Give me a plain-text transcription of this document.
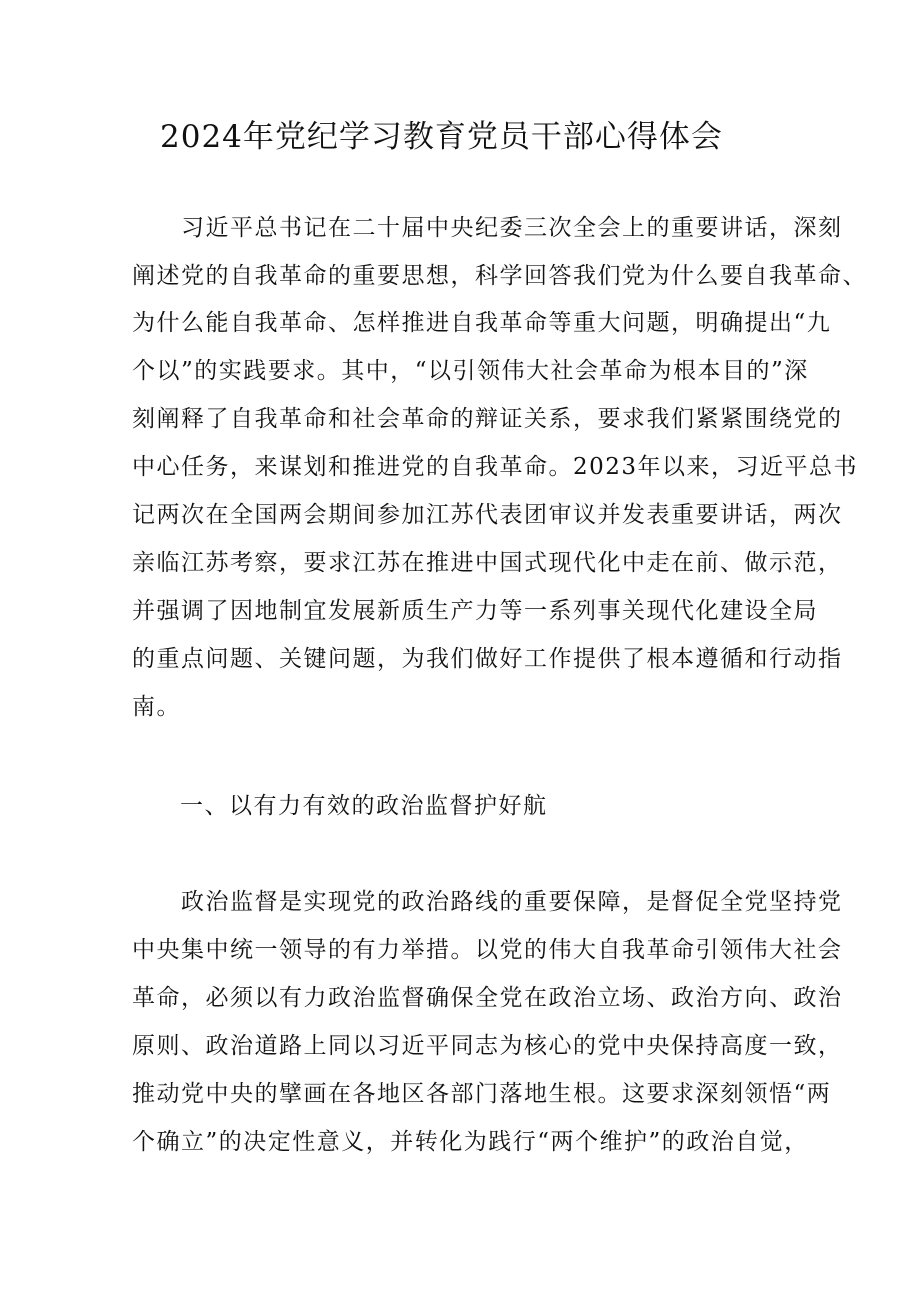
2024年党纪学习教育党员干部心得体会
　　习近平总书记在二十届中央纪委三次全会上的重要讲话，深刻
阐述党的自我革命的重要思想，科学回答我们党为什么要自我革命、
为什么能自我革命、怎样推进自我革命等重大问题，明确提出“九
个以”的实践要求。其中，“以引领伟大社会革命为根本目的”深
刻阐释了自我革命和社会革命的辩证关系，要求我们紧紧围绕党的
中心任务，来谋划和推进党的自我革命。2023年以来，习近平总书
记两次在全国两会期间参加江苏代表团审议并发表重要讲话，两次
亲临江苏考察，要求江苏在推进中国式现代化中走在前、做示范，
并强调了因地制宜发展新质生产力等一系列事关现代化建设全局
的重点问题、关键问题，为我们做好工作提供了根本遵循和行动指
南。
一、以有力有效的政治监督护好航
　　政治监督是实现党的政治路线的重要保障，是督促全党坚持党
中央集中统一领导的有力举措。以党的伟大自我革命引领伟大社会
革命，必须以有力政治监督确保全党在政治立场、政治方向、政治
原则、政治道路上同以习近平同志为核心的党中央保持高度一致，
推动党中央的擘画在各地区各部门落地生根。这要求深刻领悟“两
个确立”的决定性意义，并转化为践行“两个维护”的政治自觉，
